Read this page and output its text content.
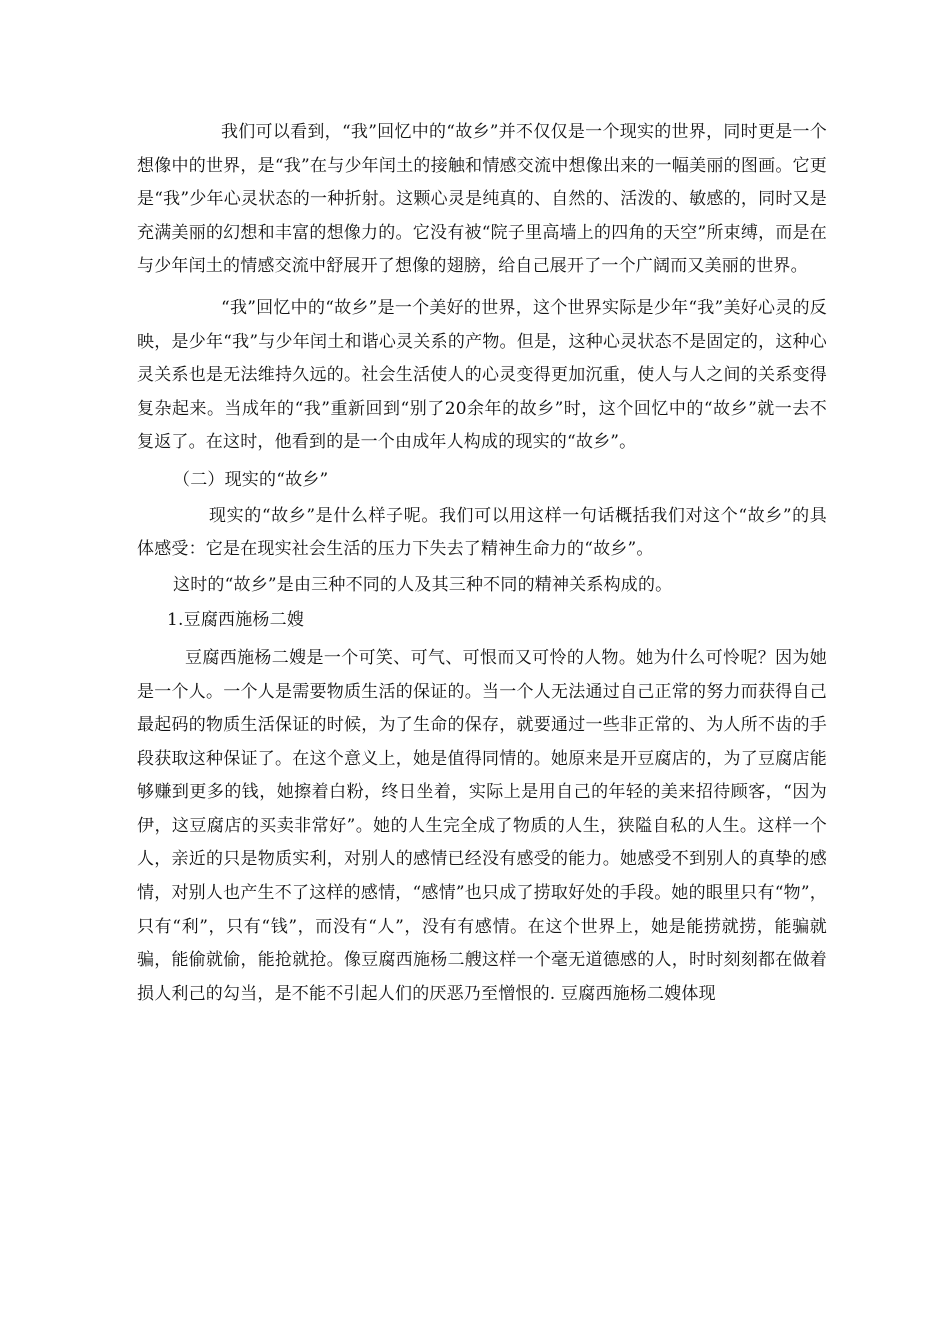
我们可以看到，“我”回忆中的“故乡”并不仅仅是一个现实的世界，同时更是一个想像中的世界，是“我”在与少年闰土的接触和情感交流中想像出来的一幅美丽的图画。它更是“我”少年心灵状态的一种折射。这颗心灵是纯真的、自然的、活泼的、敏感的，同时又是充满美丽的幻想和丰富的想像力的。它没有被“院子里高墙上的四角的天空”所束缚，而是在与少年闰土的情感交流中舒展开了想像的翅膀，给自己展开了一个广阔而又美丽的世界。

“我”回忆中的“故乡”是一个美好的世界，这个世界实际是少年“我”美好心灵的反映，是少年“我”与少年闰土和谐心灵关系的产物。但是，这种心灵状态不是固定的，这种心灵关系也是无法维持久远的。社会生活使人的心灵变得更加沉重，使人与人之间的关系变得复杂起来。当成年的“我”重新回到“别了20余年的故乡”时，这个回忆中的“故乡”就一去不复返了。在这时，他看到的是一个由成年人构成的现实的“故乡”。

（二）现实的“故乡”

现实的“故乡”是什么样子呢。我们可以用这样一句话概括我们对这个“故乡”的具体感受：它是在现实社会生活的压力下失去了精神生命力的“故乡”。

这时的“故乡”是由三种不同的人及其三种不同的精神关系构成的。

1.豆腐西施杨二嫂

豆腐西施杨二嫂是一个可笑、可气、可恨而又可怜的人物。她为什么可怜呢？因为她是一个人。一个人是需要物质生活的保证的。当一个人无法通过自己正常的努力而获得自己最起码的物质生活保证的时候，为了生命的保存，就要通过一些非正常的、为人所不齿的手段获取这种保证了。在这个意义上，她是值得同情的。她原来是开豆腐店的，为了豆腐店能够赚到更多的钱，她擦着白粉，终日坐着，实际上是用自己的年轻的美来招待顾客，“因为伊，这豆腐店的买卖非常好”。她的人生完全成了物质的人生，狭隘自私的人生。这样一个人，亲近的只是物质实利，对别人的感情已经没有感受的能力。她感受不到别人的真挚的感情，对别人也产生不了这样的感情，“感情”也只成了捞取好处的手段。她的眼里只有“物”，只有“利”，只有“钱”，而没有“人”，没有有感情。在这个世界上，她是能捞就捞，能骗就骗，能偷就偷，能抢就抢。像豆腐西施杨二艘这样一个毫无道德感的人，时时刻刻都在做着损人利己的勾当，是不能不引起人们的厌恶乃至憎恨的. 豆腐西施杨二嫂体现
